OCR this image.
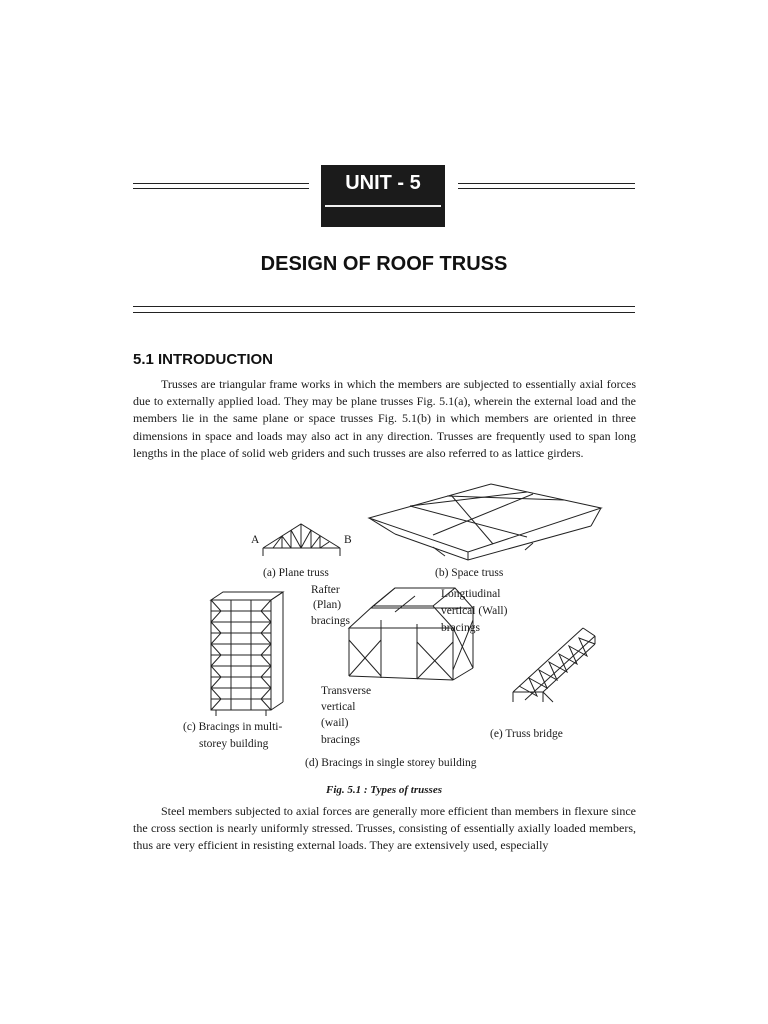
UNIT - 5
DESIGN OF ROOF TRUSS
5.1 INTRODUCTION

Trusses are triangular frame works in which the members are subjected to essentially axial forces due to externally applied load. They may be plane trusses Fig. 5.1(a), wherein the external load and the members lie in the same plane or space trusses Fig. 5.1(b) in which members are oriented in three dimensions in space and loads may also act in any direction. Trusses are frequently used to span long lengths in the place of solid web griders and such trusses are also referred to as lattice girders.

A	B
(a) Plane truss	(b) Space truss
(c) Bracings in multi-
storey building
Rafter
(Plan)
bracings
Longtiudinal
vertical (Wall)
bracings
Transverse
vertical
(wail)
bracings	(e) Truss bridge
(d) Bracings in single storey building
Fig. 5.1 : Types of trusses

Steel members subjected to axial forces are generally more efficient than members in flexure since the cross section is nearly uniformly stressed. Trusses, consisting of essentially axially loaded members, thus are very efficient in resisting external loads. They are extensively used, especially
